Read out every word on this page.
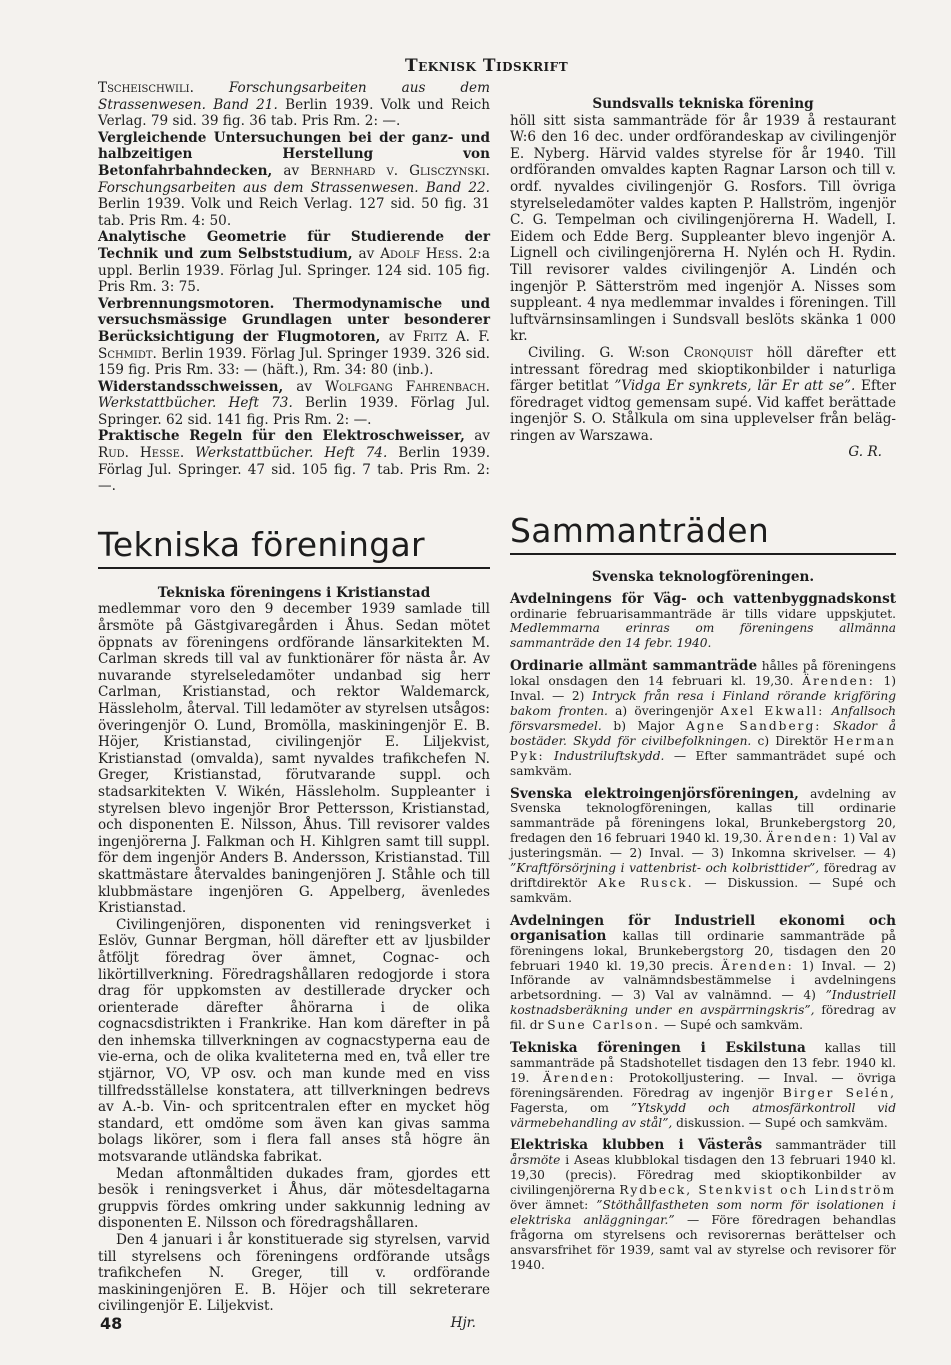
Teknisk Tidskrift

Tscheischwili.	Forschungsarbeiten aus dem Strassenwesen. Band 21. Berlin 1939. Volk und Reich Verlag. 79 sid. 39 fig. 36 tab. Pris Rm. 2: —.

Vergleichende Untersuchungen bei der ganz- und halbzeitigen Herstellung von Betonfahrbahndecken, av Bernhard v. Glisczynski. Forschungsarbeiten aus dem Strassenwesen. Band 22. Berlin 1939. Volk und Reich Verlag. 127 sid. 50 fig. 31 tab. Pris Rm. 4: 50.

Analytische Geometrie für Studierende der Technik und zum Selbststudium, av Adolf Hess. 2:a uppl. Berlin 1939. Förlag Jul. Springer. 124 sid. 105 fig. Pris Rm. 3: 75.

Verbrennungsmotoren. Thermodynamische und versuchsmässige Grundlagen unter besonderer Berücksichtigung der Flugmotoren, av Fritz A. F. Schmidt. Berlin 1939. Förlag Jul. Springer 1939. 326 sid. 159 fig. Pris Rm. 33: — (häft.), Rm. 34: 80 (inb.).

Widerstandsschweissen, av Wolfgang Fahrenbach. Werkstattbücher. Heft 73. Berlin 1939. Förlag Jul. Springer. 62 sid. 141 fig. Pris Rm. 2: —.

Praktische Regeln für den Elektroschweisser, av Rud. Hesse. Werkstattbücher. Heft 74. Berlin 1939. Förlag Jul. Springer. 47 sid. 105 fig. 7 tab. Pris Rm. 2: —.

Tekniska föreningar

Tekniska föreningens i Kristianstad

medlemmar voro den 9 december 1939 samlade till årsmöte på Gästgivaregården i Åhus. Sedan mötet öppnats av föreningens ordförande länsarkitekten M. Carlman skreds till val av funktionärer för nästa år. Av nuvarande styrelseledamöter undanbad sig herr Carlman, Kristianstad, och rektor Waldemarck, Hässleholm, återval. Till ledamöter av styrelsen utsågos: överingenjör O. Lund, Bromölla, maskiningenjör E. B. Höjer, Kristianstad, civilingenjör E. Liljekvist, Kristianstad (omvalda), samt nyvaldes trafikchefen N. Greger, Kristianstad, förutvarande suppl. och stadsarkitekten V. Wikén, Hässleholm. Suppleanter i styrelsen blevo ingenjör Bror Pettersson, Kristianstad, och disponenten E. Nilsson, Åhus. Till revisorer valdes ingenjörerna J. Falkman och H. Kihlgren samt till suppl. för dem ingenjör Anders B. Andersson, Kristianstad. Till skattmästare återvaldes baningenjören J. Ståhle och till klubbmästare ingenjören G. Appelberg, ävenledes Kristianstad.

Civilingenjören, disponenten vid reningsverket i Eslöv, Gunnar Bergman, höll därefter ett av ljusbilder åtföljt föredrag över ämnet, Cognac- och likörtillverkning. Föredragshållaren redogjorde i stora drag för uppkomsten av destillerade drycker och orienterade därefter åhörarna i de olika cognacsdistrikten i Frankrike. Han kom därefter in på den inhemska tillverkningen av cognacstyperna eau de vie-erna, och de olika kvaliteterna med en, två eller tre stjärnor, VO, VP osv. och man kunde med en viss tillfredsställelse konstatera, att tillverkningen bedrevs av A.-b. Vin- och spritcentralen efter en mycket hög standard, ett omdöme som även kan givas samma bolags likörer, som i flera fall anses stå högre än motsvarande utländska fabrikat.

Medan aftonmåltiden dukades fram, gjordes ett besök i reningsverket i Åhus, där mötesdeltagarna gruppvis fördes omkring under sakkunnig ledning av disponenten E. Nilsson och föredragshållaren.

Den 4 januari i år konstituerade sig styrelsen, varvid till styrelsens och föreningens ordförande utsågs trafikchefen N. Greger, till v. ordförande maskiningenjören E. B. Höjer och till sekreterare civilingenjör E. Liljekvist.

Hjr.

Sundsvalls tekniska förening

höll sitt sista sammanträde för år 1939 å restaurant W:6 den 16 dec. under ordförandeskap av civilingenjör E. Nyberg. Härvid valdes styrelse för år 1940. Till ordföranden omvaldes kapten Ragnar Larson och till v. ordf. nyvaldes civilingenjör G. Rosfors. Till övriga styrelseledamöter valdes kapten P. Hallström, ingenjör C. G. Tempelman och civilingenjörerna H. Wadell, I. Eidem och Edde Berg. Suppleanter blevo ingenjör A. Lignell och civilingenjörerna H. Nylén och H. Rydin. Till revisorer valdes civilingenjör A. Lindén och ingenjör P. Sätterström med ingenjör A. Nisses som suppleant. 4 nya medlemmar invaldes i föreningen. Till luftvärnsinsamlingen i Sundsvall beslöts skänka 1 000 kr.

Civiling. G. W:son Cronquist höll därefter ett intressant föredrag med skioptikonbilder i naturliga färger betitlat ”Vidga Er synkrets, lär Er att se”. Efter föredraget vidtog gemensam supé. Vid kaffet berättade ingenjör S. O. Stålkula om sina upplevelser från belägringen av Warszawa.

G. R.

Sammanträden

Svenska teknologföreningen.

Avdelningens för Väg- och vattenbyggnadskonst ordinarie februarisammanträde är tills vidare uppskjutet. Medlemmarna erinras om föreningens allmänna sammanträde den 14 febr. 1940.

Ordinarie allmänt sammanträde hålles på föreningens lokal onsdagen den 14 februari kl. 19,30. Ärenden: 1) Inval. — 2) Intryck från resa i Finland rörande krigföring bakom fronten. a) överingenjör Axel Ekwall: Anfallsoch försvarsmedel. b) Major Agne Sandberg: Skador å bostäder. Skydd för civilbefolkningen. c) Direktör Herman Pyk: Industriluftskydd. — Efter sammanträdet supé och samkväm.

Svenska elektroingenjörsföreningen, avdelning av Svenska teknologföreningen, kallas till ordinarie sammanträde på föreningens lokal, Brunkebergstorg 20, fredagen den 16 februari 1940 kl. 19,30. Ärenden: 1) Val av justeringsmän. — 2) Inval. — 3) Inkomna skrivelser. — 4) ”Kraftförsörjning i vattenbrist- och kolbristtider”, föredrag av driftdirektör Ake Rusck. — Diskussion. — Supé och samkväm.

Avdelningen för Industriell ekonomi och organisation kallas till ordinarie sammanträde på föreningens lokal, Brunkebergstorg 20, tisdagen den 20 februari 1940 kl. 19,30 precis. Ärenden: 1) Inval. — 2) Införande av valnämndsbestämmelse i avdelningens arbetsordning. — 3) Val av valnämnd. — 4) ”Industriell kostnadsberäkning under en avspärrningskris”, föredrag av fil. dr Sune Carlson. — Supé och samkväm.

Tekniska föreningen i Eskilstuna kallas till sammanträde på Stadshotellet tisdagen den 13 febr. 1940 kl. 19. Ärenden: Protokolljustering. — Inval. — övriga föreningsärenden. Föredrag av ingenjör Birger Selén, Fagersta, om ”Ytskydd och atmosfärkontroll vid värmebehandling av stål”, diskussion. — Supé och samkväm.

Elektriska klubben i Västerås sammanträder till årsmöte i Aseas klubblokal tisdagen den 13 februari 1940 kl. 19,30 (precis). Föredrag med skioptikonbilder av civilingenjörerna Rydbeck, Stenkvist och Lindström över ämnet: ”Stöthållfastheten som norm för isolationen i elektriska anläggningar.” — Före föredragen behandlas frågorna om styrelsens och revisorernas berättelser och ansvarsfrihet för 1939, samt val av styrelse och revisorer för 1940.

48
